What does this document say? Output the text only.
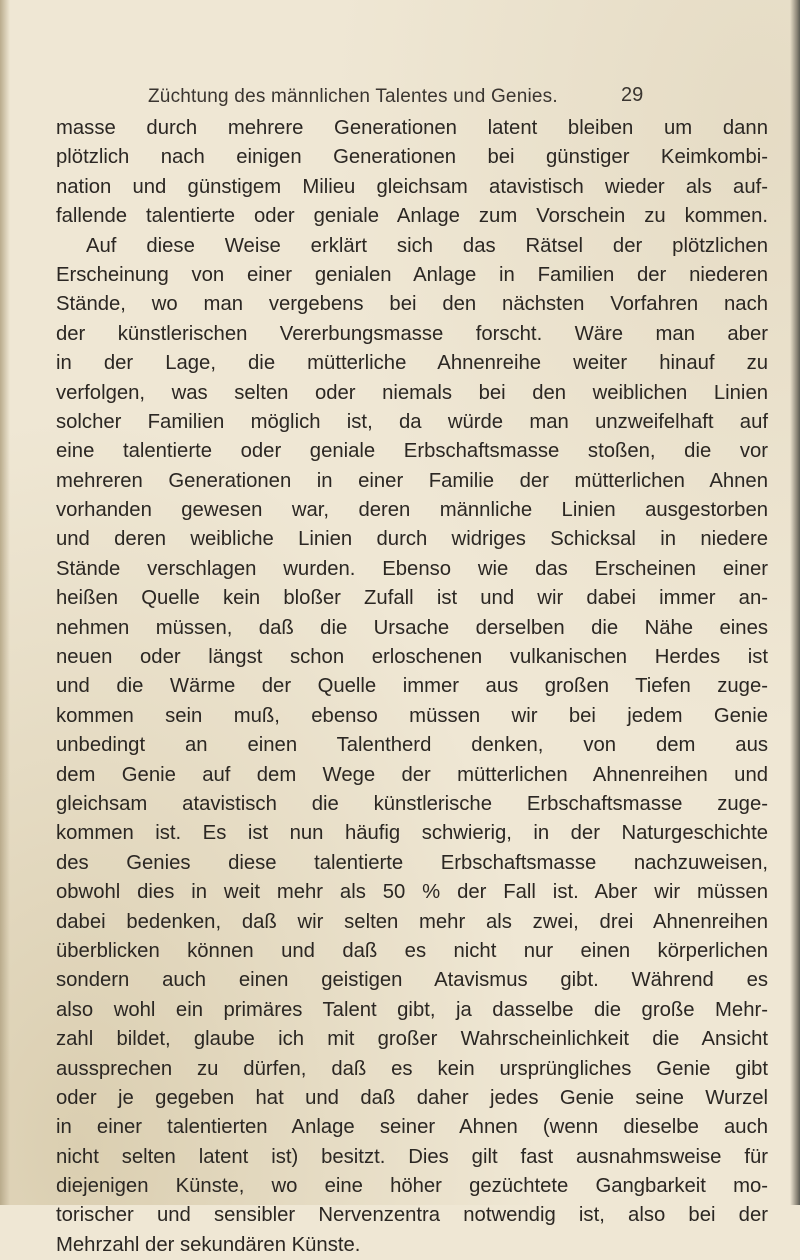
Züchtung des männlichen Talentes und Genies.	29
masse durch mehrere Generationen latent bleiben um dann
plötzlich nach einigen Generationen bei günstiger Keimkombi-
nation und günstigem Milieu gleichsam atavistisch wieder als auf-
fallende talentierte oder geniale Anlage zum Vorschein zu kommen.
Auf diese Weise erklärt sich das Rätsel der plötzlichen
Erscheinung von einer genialen Anlage in Familien der niederen
Stände, wo man vergebens bei den nächsten Vorfahren nach
der künstlerischen Vererbungsmasse forscht. Wäre man aber
in der Lage, die mütterliche Ahnenreihe weiter hinauf zu
verfolgen, was selten oder niemals bei den weiblichen Linien
solcher Familien möglich ist, da würde man unzweifelhaft auf
eine talentierte oder geniale Erbschaftsmasse stoßen, die vor
mehreren Generationen in einer Familie der mütterlichen Ahnen
vorhanden gewesen war, deren männliche Linien ausgestorben
und deren weibliche Linien durch widriges Schicksal in niedere
Stände verschlagen wurden. Ebenso wie das Erscheinen einer
heißen Quelle kein bloßer Zufall ist und wir dabei immer an-
nehmen müssen, daß die Ursache derselben die Nähe eines
neuen oder längst schon erloschenen vulkanischen Herdes ist
und die Wärme der Quelle immer aus großen Tiefen zuge-
kommen sein muß, ebenso müssen wir bei jedem Genie
unbedingt an einen Talentherd denken, von dem aus
dem Genie auf dem Wege der mütterlichen Ahnenreihen und
gleichsam atavistisch die künstlerische Erbschaftsmasse zuge-
kommen ist. Es ist nun häufig schwierig, in der Naturgeschichte
des Genies diese talentierte Erbschaftsmasse nachzuweisen,
obwohl dies in weit mehr als 50 % der Fall ist. Aber wir müssen
dabei bedenken, daß wir selten mehr als zwei, drei Ahnenreihen
überblicken können und daß es nicht nur einen körperlichen
sondern auch einen geistigen Atavismus gibt. Während es
also wohl ein primäres Talent gibt, ja dasselbe die große Mehr-
zahl bildet, glaube ich mit großer Wahrscheinlichkeit die Ansicht
aussprechen zu dürfen, daß es kein ursprüngliches Genie gibt
oder je gegeben hat und daß daher jedes Genie seine Wurzel
in einer talentierten Anlage seiner Ahnen (wenn dieselbe auch
nicht selten latent ist) besitzt. Dies gilt fast ausnahmsweise für
diejenigen Künste, wo eine höher gezüchtete Gangbarkeit mo-
torischer und sensibler Nervenzentra notwendig ist, also bei der
Mehrzahl der sekundären Künste.
